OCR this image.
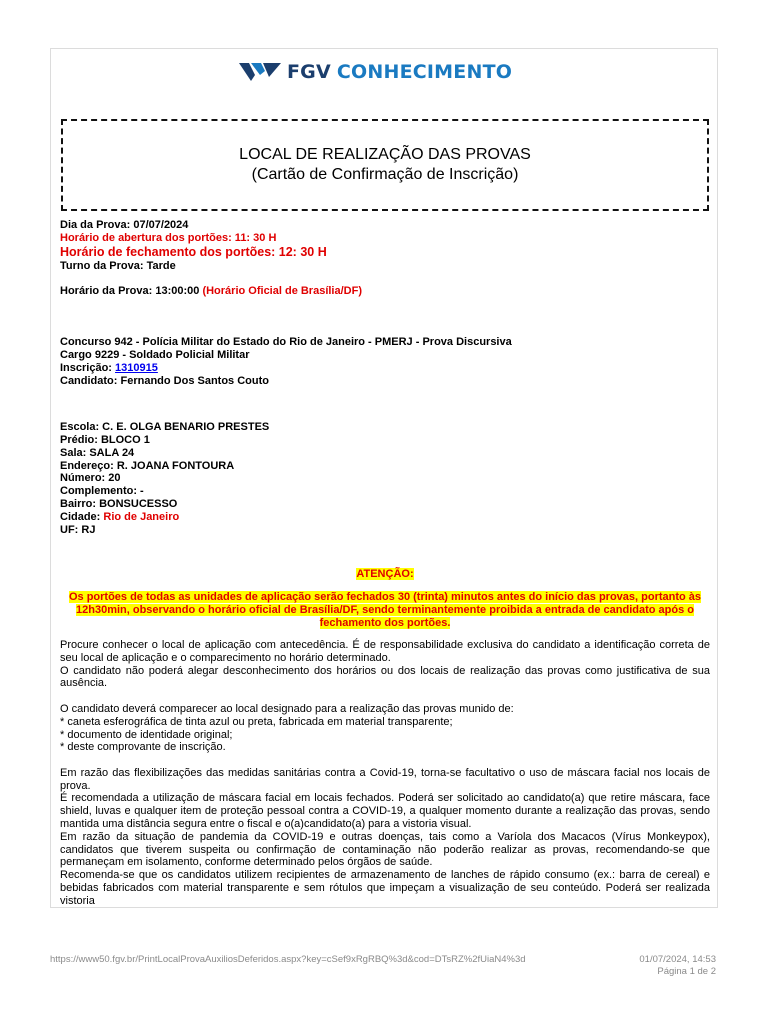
FGV CONHECIMENTO
LOCAL DE REALIZAÇÃO DAS PROVAS
(Cartão de Confirmação de Inscrição)
Dia da Prova: 07/07/2024
Horário de abertura dos portões: 11: 30 H
Horário de fechamento dos portões: 12: 30 H
Turno da Prova: Tarde
Horário da Prova: 13:00:00 (Horário Oficial de Brasília/DF)
Concurso 942 - Polícia Militar do Estado do Rio de Janeiro - PMERJ - Prova Discursiva
Cargo 9229 - Soldado Policial Militar
Inscrição: 1310915
Candidato: Fernando Dos Santos Couto
Escola: C. E. OLGA BENARIO PRESTES
Prédio: BLOCO 1
Sala: SALA 24
Endereço: R. JOANA FONTOURA
Número: 20
Complemento: -
Bairro: BONSUCESSO
Cidade: Rio de Janeiro
UF: RJ
ATENÇÃO:
Os portões de todas as unidades de aplicação serão fechados 30 (trinta) minutos antes do início das provas, portanto às
12h30min, observando o horário oficial de Brasília/DF, sendo terminantemente proibida a entrada de candidato após o
fechamento dos portões.
Procure conhecer o local de aplicação com antecedência. É de responsabilidade exclusiva do candidato a identificação correta de seu local de aplicação e o comparecimento no horário determinado.
O candidato não poderá alegar desconhecimento dos horários ou dos locais de realização das provas como justificativa de sua ausência.
O candidato deverá comparecer ao local designado para a realização das provas munido de:
* caneta esferográfica de tinta azul ou preta, fabricada em material transparente;
* documento de identidade original;
* deste comprovante de inscrição.
Em razão das flexibilizações das medidas sanitárias contra a Covid-19, torna-se facultativo o uso de máscara facial nos locais de prova.
É recomendada a utilização de máscara facial em locais fechados. Poderá ser solicitado ao candidato(a) que retire máscara, face shield, luvas e qualquer item de proteção pessoal contra a COVID-19, a qualquer momento durante a realização das provas, sendo mantida uma distância segura entre o fiscal e o(a)candidato(a) para a vistoria visual.
Em razão da situação de pandemia da COVID-19 e outras doenças, tais como a Varíola dos Macacos (Vírus Monkeypox), candidatos que tiverem suspeita ou confirmação de contaminação não poderão realizar as provas, recomendando-se que permaneçam em isolamento, conforme determinado pelos órgãos de saúde.
Recomenda-se que os candidatos utilizem recipientes de armazenamento de lanches de rápido consumo (ex.: barra de cereal) e bebidas fabricados com material transparente e sem rótulos que impeçam a visualização de seu conteúdo. Poderá ser realizada vistoria
https://www50.fgv.br/PrintLocalProvaAuxiliosDeferidos.aspx?key=cSef9xRgRBQ%3d&cod=DTsRZ%2fUiaN4%3d	01/07/2024, 14:53
Página 1 de 2
